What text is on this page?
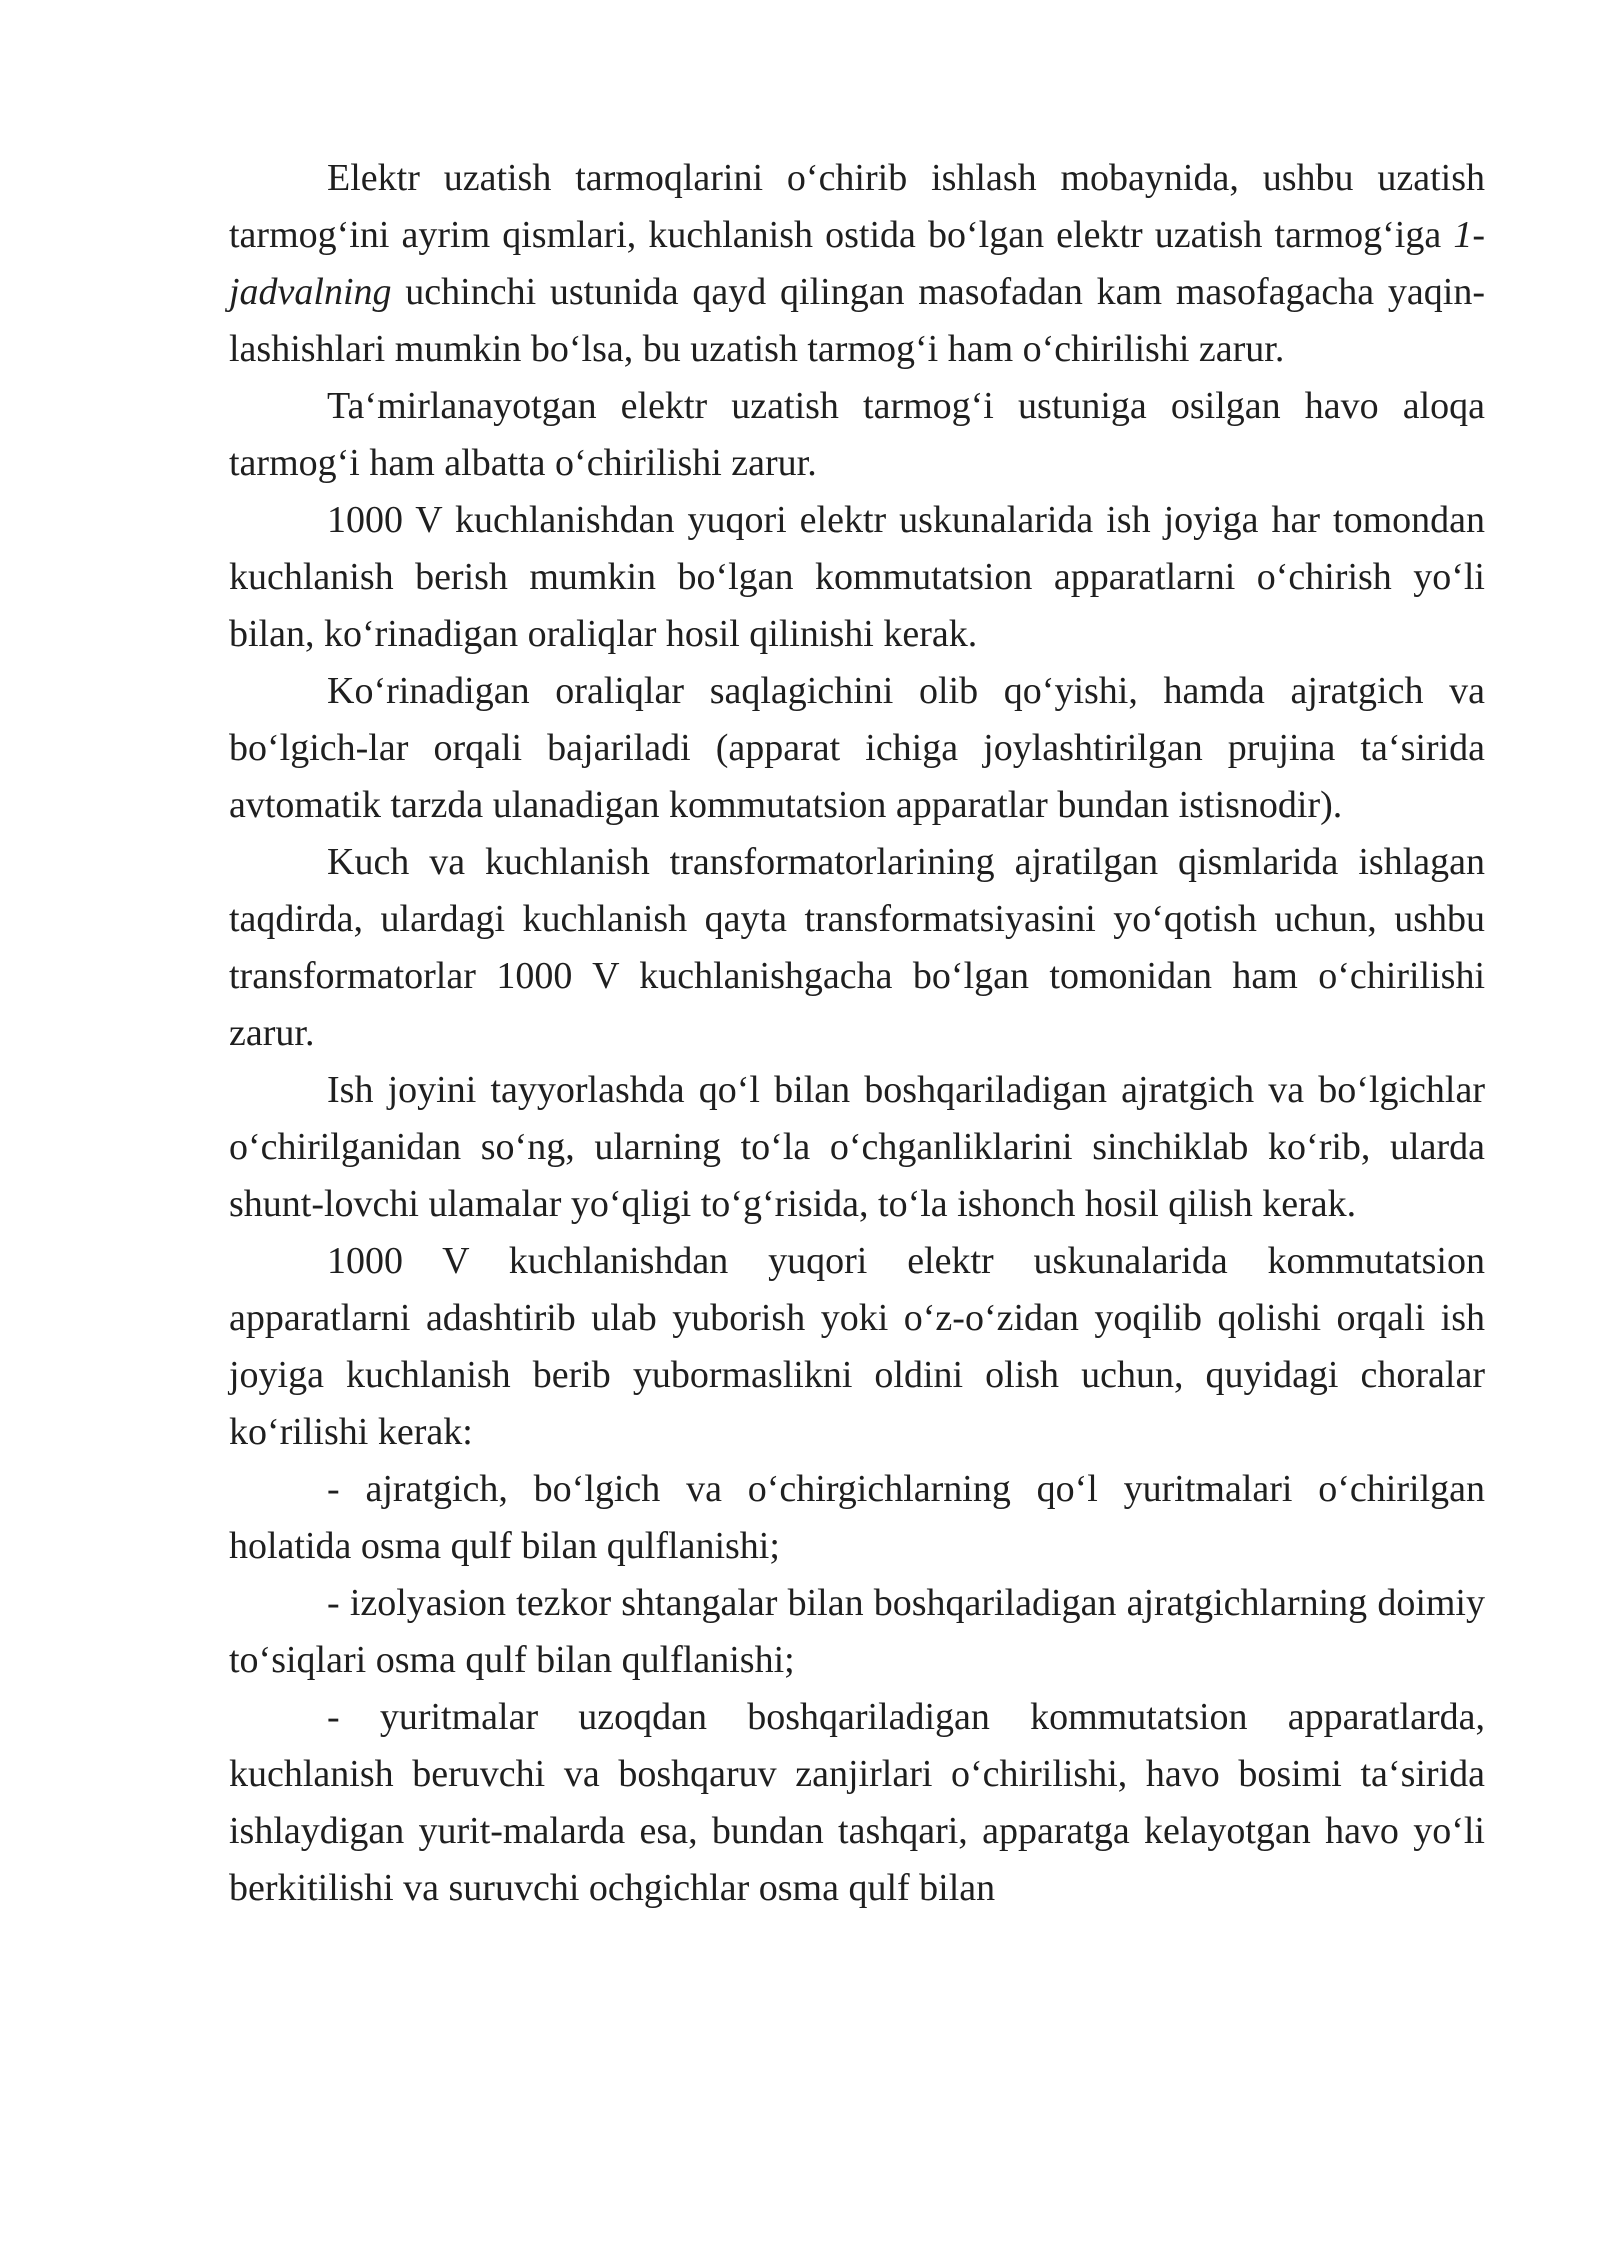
Elektr uzatish tarmoqlarini o‘chirib ishlash mobaynida, ushbu uzatish tarmog‘ini ayrim qismlari, kuchlanish ostida bo‘lgan elektr uzatish tarmog‘iga 1-jadvalning uchinchi ustunida qayd qilingan masofadan kam masofagacha yaqin-lashishlari mumkin bo‘lsa, bu uzatish tarmog‘i ham o‘chirilishi zarur.

Ta‘mirlanayotgan elektr uzatish tarmog‘i ustuniga osilgan havo aloqa tarmog‘i ham albatta o‘chirilishi zarur.

1000 V kuchlanishdan yuqori elektr uskunalarida ish joyiga har tomondan kuchlanish berish mumkin bo‘lgan kommutatsion apparatlarni o‘chirish yo‘li bilan, ko‘rinadigan oraliqlar hosil qilinishi kerak.

Ko‘rinadigan oraliqlar saqlagichini olib qo‘yishi, hamda ajratgich va bo‘lgich-lar orqali bajariladi (apparat ichiga joylashtirilgan prujina ta‘sirida avtomatik tarzda ulanadigan kommutatsion apparatlar bundan istisnodir).

Kuch va kuchlanish transformatorlarining ajratilgan qismlarida ishlagan taqdirda, ulardagi kuchlanish qayta transformatsiyasini yo‘qotish uchun, ushbu transformatorlar 1000 V kuchlanishgacha bo‘lgan tomonidan ham o‘chirilishi zarur.

Ish joyini tayyorlashda qo‘l bilan boshqariladigan ajratgich va bo‘lgichlar o‘chirilganidan so‘ng, ularning to‘la o‘chganliklarini sinchiklab ko‘rib, ularda shunt-lovchi ulamalar yo‘qligi to‘g‘risida, to‘la ishonch hosil qilish kerak.

1000 V kuchlanishdan yuqori elektr uskunalarida kommutatsion apparatlarni adashtirib ulab yuborish yoki o‘z-o‘zidan yoqilib qolishi orqali ish joyiga kuchlanish berib yubormaslikni oldini olish uchun, quyidagi choralar ko‘rilishi kerak:

- ajratgich, bo‘lgich va o‘chirgichlarning qo‘l yuritmalari o‘chirilgan holatida osma qulf bilan qulflanishi;

- izolyasion tezkor shtangalar bilan boshqariladigan ajratgichlarning doimiy to‘siqlari osma qulf bilan qulflanishi;

- yuritmalar uzoqdan boshqariladigan kommutatsion apparatlarda, kuchlanish beruvchi va boshqaruv zanjirlari o‘chirilishi, havo bosimi ta‘sirida ishlaydigan yurit-malarda esa, bundan tashqari, apparatga kelayotgan havo yo‘li berkitilishi va suruvchi ochgichlar osma qulf bilan
